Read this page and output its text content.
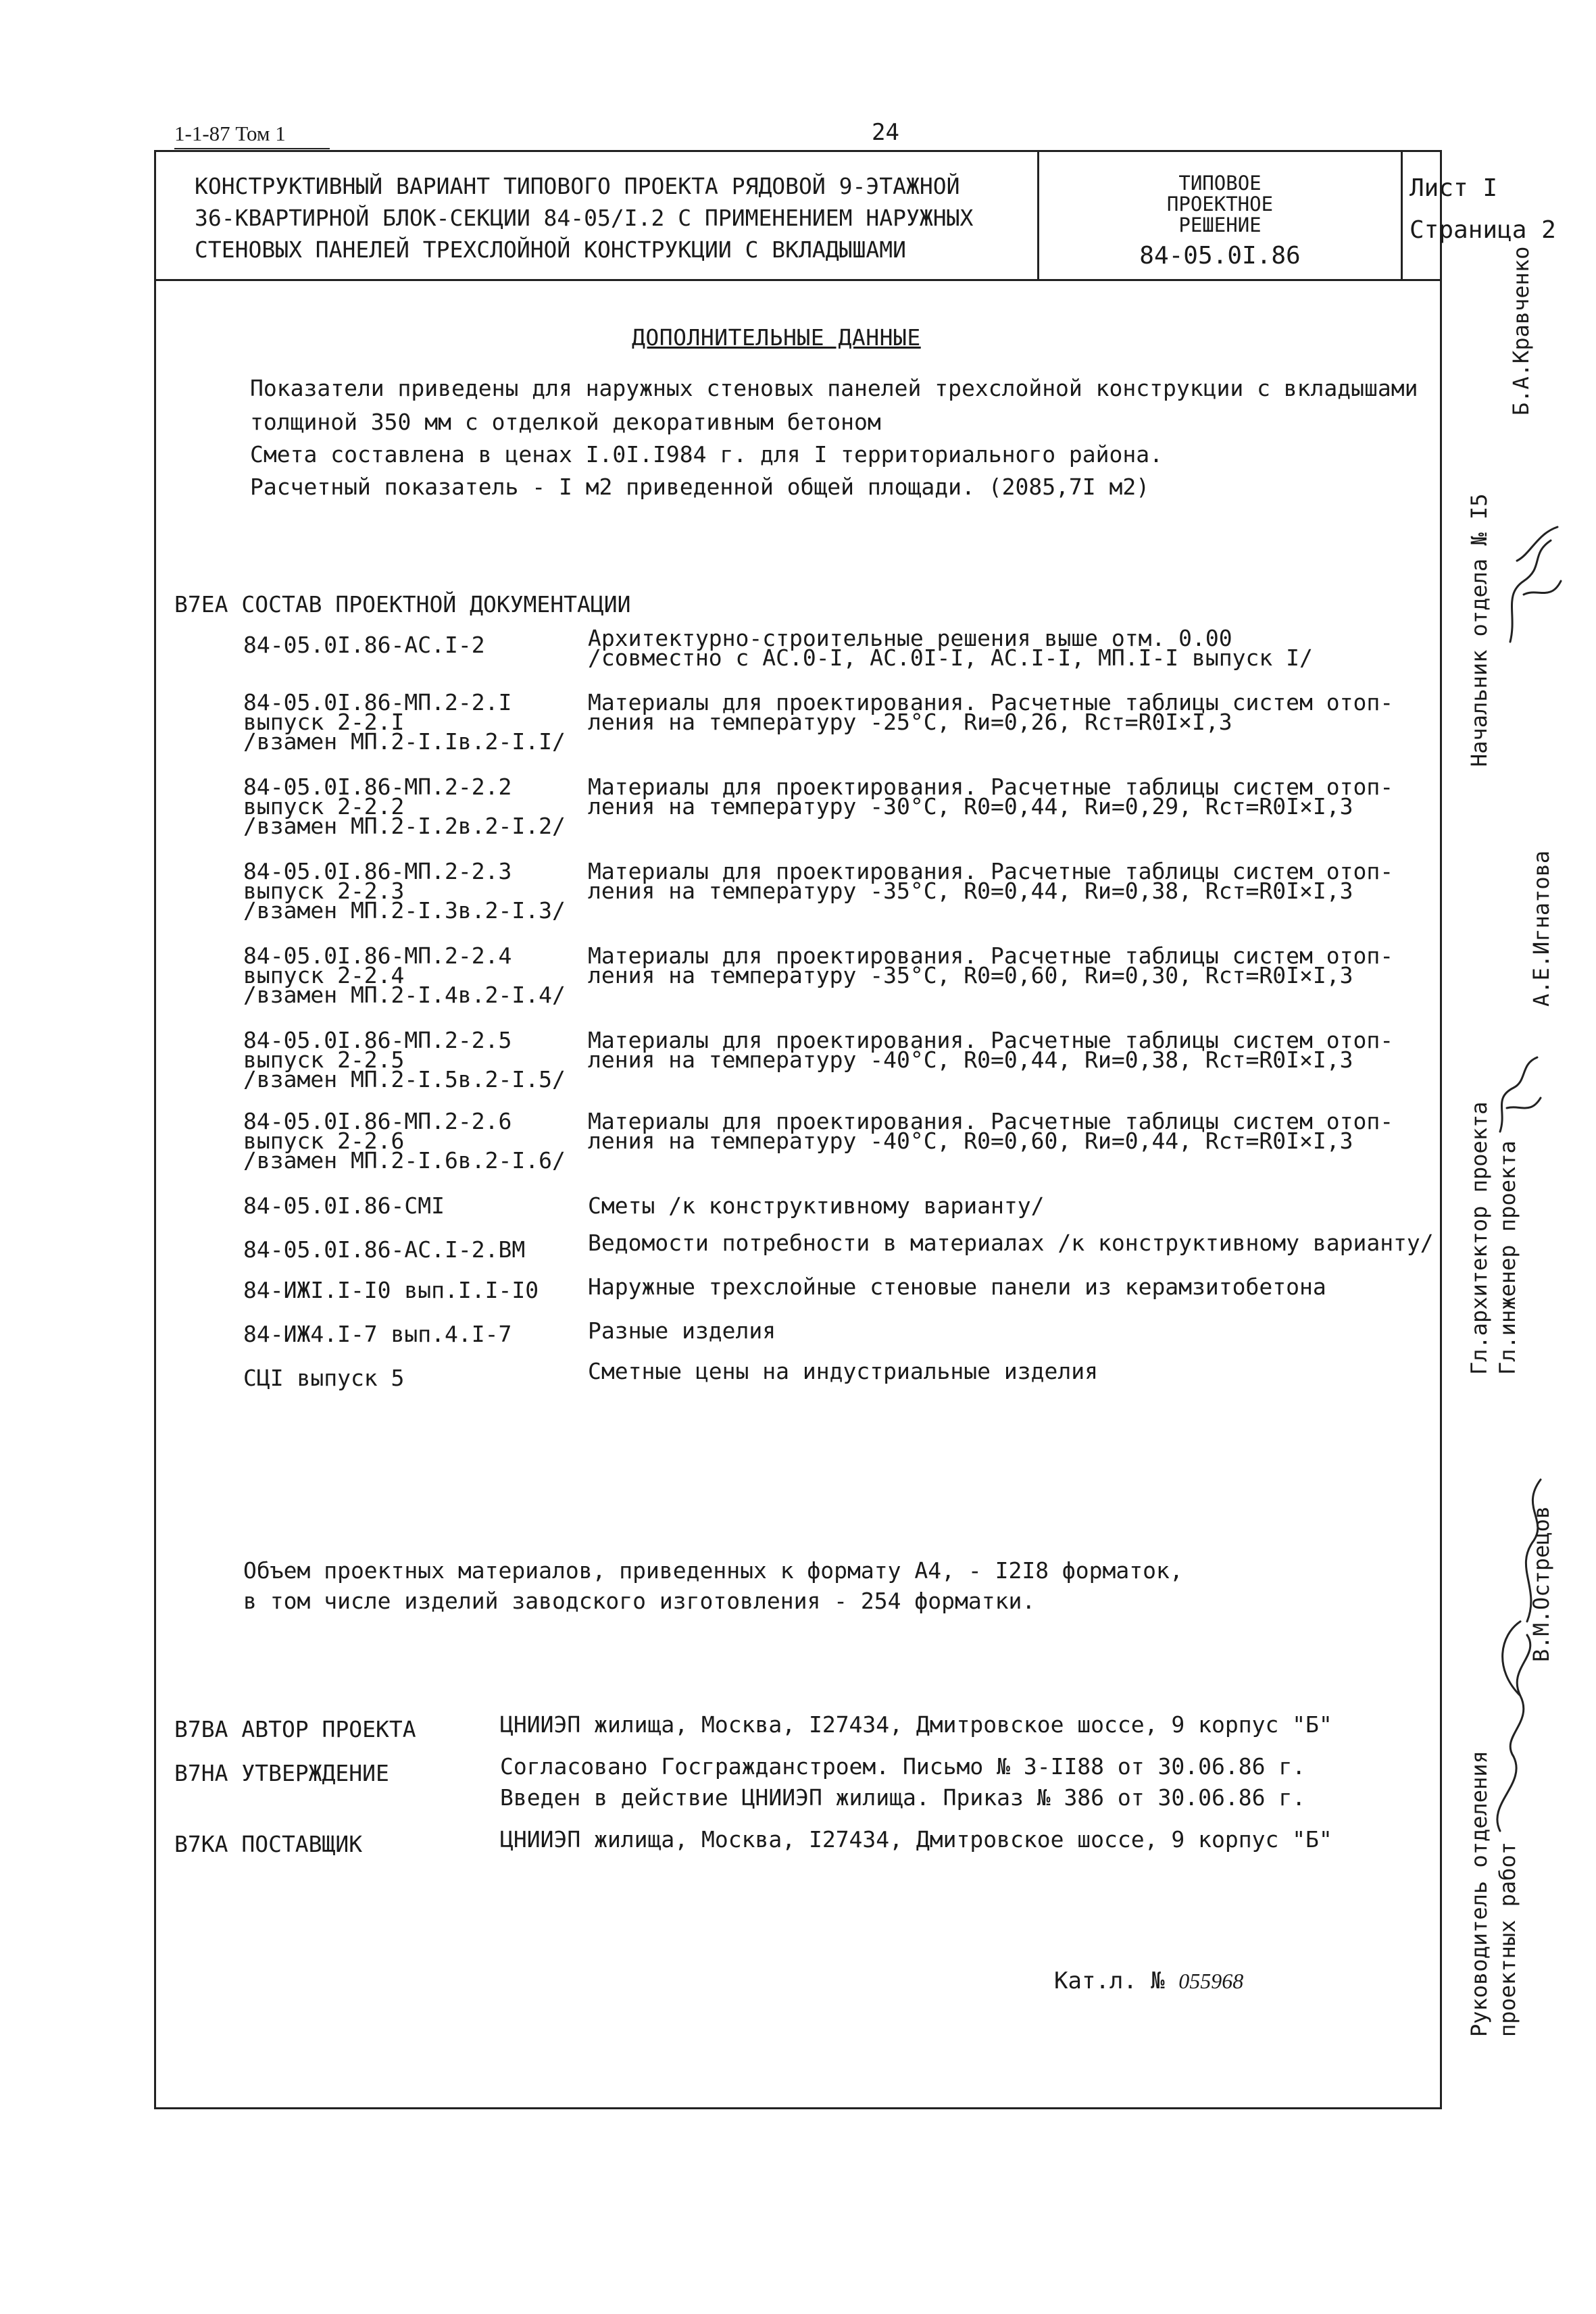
1-1-87 Том 1	24
КОНСТРУКТИВНЫЙ ВАРИАНТ ТИПОВОГО ПРОЕКТА РЯДОВОЙ 9-ЭТАЖНОЙ
36-КВАРТИРНОЙ БЛОК-СЕКЦИИ 84-05/I.2 С ПРИМЕНЕНИЕМ НАРУЖНЫХ
СТЕНОВЫХ ПАНЕЛЕЙ ТРЕХСЛОЙНОЙ КОНСТРУКЦИИ С ВКЛАДЫШАМИ
ТИПОВОЕ
ПРОЕКТНОЕ
РЕШЕНИЕ
84-05.0I.86
Лист I
Страница 2
ДОПОЛНИТЕЛЬНЫЕ ДАННЫЕ
Показатели приведены для наружных стеновых панелей трехслойной конструкции с вкладышами
толщиной 350 мм с отделкой декоративным бетоном
Смета составлена в ценах I.0I.I984 г. для I территориального района.
Расчетный показатель - I м2 приведенной общей площади. (2085,7I м2)
В7ЕА СОСТАВ ПРОЕКТНОЙ ДОКУМЕНТАЦИИ
84-05.0I.86-АС.I-2	Архитектурно-строительные решения выше отм. 0.00
/совместно с АС.0-I, АС.0I-I, АС.I-I, МП.I-I выпуск I/
84-05.0I.86-МП.2-2.I
выпуск 2-2.I
/взамен МП.2-I.Iв.2-I.I/
Материалы для проектирования. Расчетные таблицы систем отоп-
ления на температуру -25°С, Rи=0,26, Rст=R0I×I,3
84-05.0I.86-МП.2-2.2
выпуск 2-2.2
/взамен МП.2-I.2в.2-I.2/
Материалы для проектирования. Расчетные таблицы систем отоп-
ления на температуру -30°С, R0=0,44, Rи=0,29, Rст=R0I×I,3
84-05.0I.86-МП.2-2.3
выпуск 2-2.3
/взамен МП.2-I.3в.2-I.3/
Материалы для проектирования. Расчетные таблицы систем отоп-
ления на температуру -35°С, R0=0,44, Rи=0,38, Rст=R0I×I,3
84-05.0I.86-МП.2-2.4
выпуск 2-2.4
/взамен МП.2-I.4в.2-I.4/
Материалы для проектирования. Расчетные таблицы систем отоп-
ления на температуру -35°С, R0=0,60, Rи=0,30, Rст=R0I×I,3
84-05.0I.86-МП.2-2.5
выпуск 2-2.5
/взамен МП.2-I.5в.2-I.5/
Материалы для проектирования. Расчетные таблицы систем отоп-
ления на температуру -40°С, R0=0,44, Rи=0,38, Rст=R0I×I,3
84-05.0I.86-МП.2-2.6
выпуск 2-2.6
/взамен МП.2-I.6в.2-I.6/
Материалы для проектирования. Расчетные таблицы систем отоп-
ления на температуру -40°С, R0=0,60, Rи=0,44, Rст=R0I×I,3
84-05.0I.86-СМI	Сметы /к конструктивному варианту/
84-05.0I.86-АС.I-2.ВМ	Ведомости потребности в материалах /к конструктивному варианту/
84-ИЖI.I-I0 вып.I.I-I0 Наружные трехслойные стеновые панели из керамзитобетона
84-ИЖ4.I-7 вып.4.I-7	Разные изделия
СЦI выпуск 5	Сметные цены на индустриальные изделия
Объем проектных материалов, приведенных к формату А4, - I2I8 форматок,
в том числе изделий заводского изготовления - 254 форматки.
В7ВА АВТОР ПРОЕКТА	ЦНИИЭП жилища, Москва, I27434, Дмитровское шоссе, 9 корпус "Б"
В7НА УТВЕРЖДЕНИЕ	Согласовано Госгражданстроем. Письмо № 3-II88 от 30.06.86 г.
Введен в действие ЦНИИЭП жилища. Приказ № 386 от 30.06.86 г.
В7КА ПОСТАВЩИК	ЦНИИЭП жилища, Москва, I27434, Дмитровское шоссе, 9 корпус "Б"
Кат.л. № 055968
Б.А.Кравченко
Начальник отдела № I5
А.Е.Игнатова
Гл.архитектор проекта Гл.инженер проекта
В.М.Острецов
Руководитель отделения проектных работ
